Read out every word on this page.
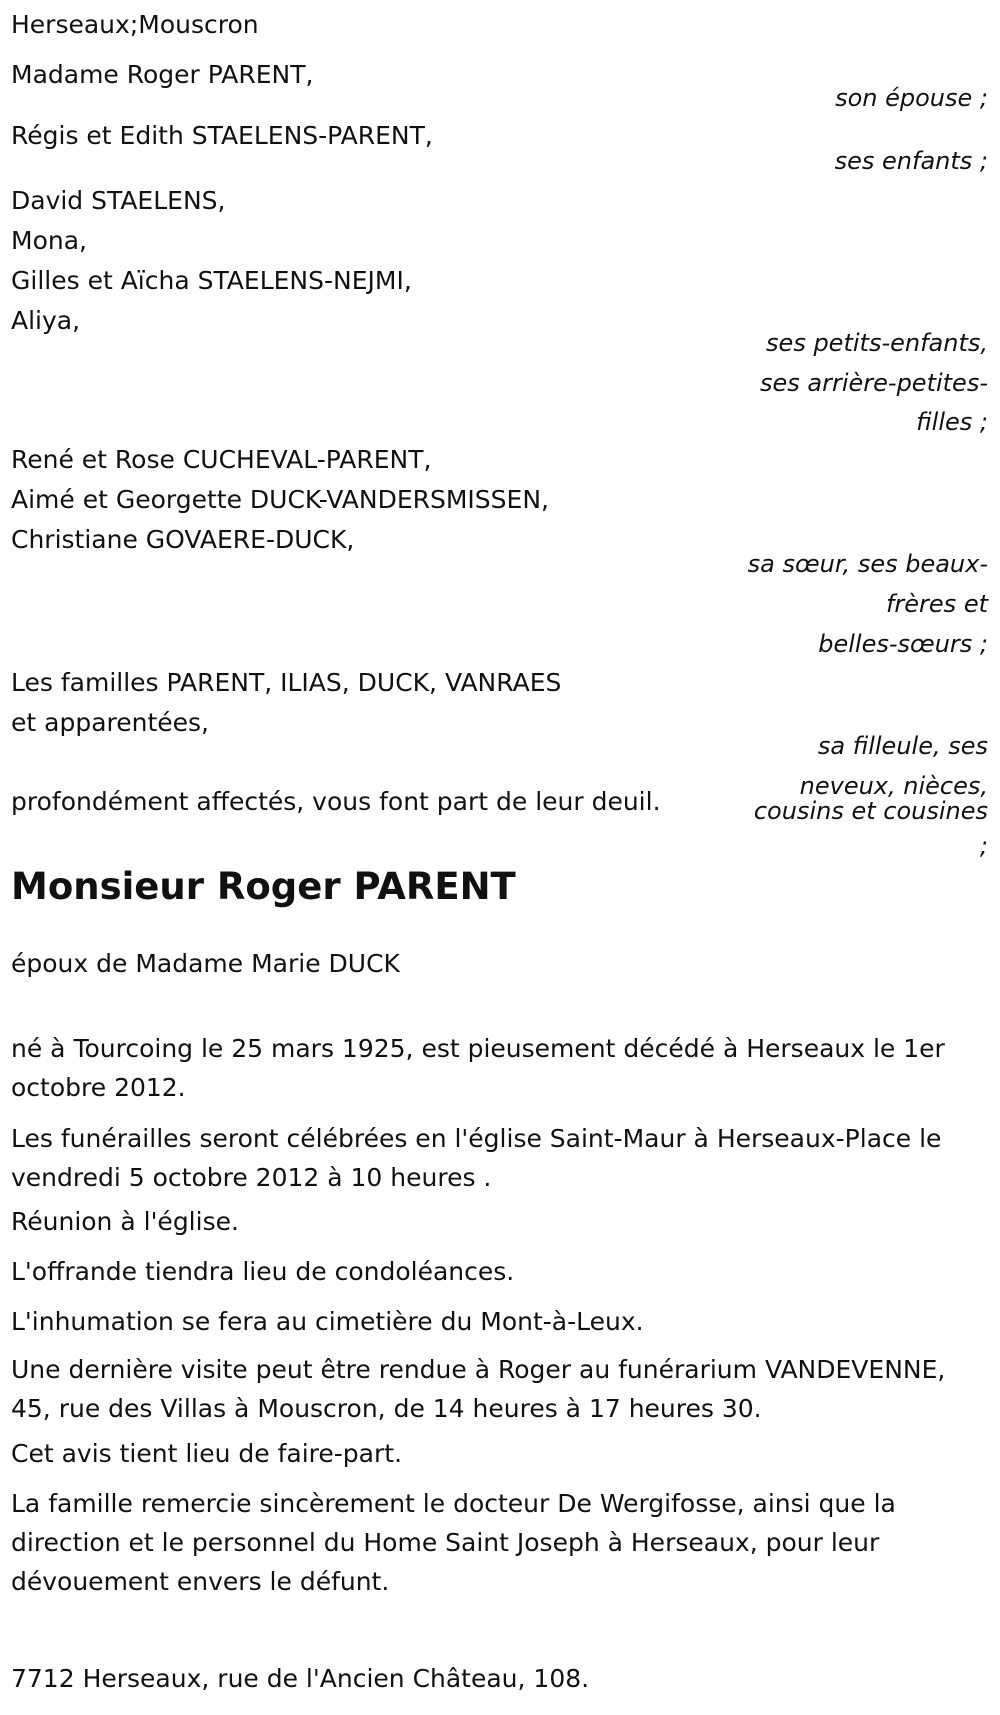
Herseaux;Mouscron
Madame Roger PARENT,
son épouse ;
Régis et Edith STAELENS-PARENT,
ses enfants ;
David STAELENS,
Mona,
Gilles et Aïcha STAELENS-NEJMI,
Aliya,
ses petits-enfants,
ses arrière-petites-
filles ;
René et Rose CUCHEVAL-PARENT,
Aimé et Georgette DUCK-VANDERSMISSEN,
Christiane GOVAERE-DUCK,
sa sœur, ses beaux-
frères et
belles-sœurs ;
Les familles PARENT, ILIAS, DUCK, VANRAES
et apparentées,
sa filleule, ses
neveux, nièces,
cousins et cousines
;
profondément affectés, vous font part de leur deuil.
Monsieur Roger PARENT
époux de Madame Marie DUCK
né à Tourcoing le 25 mars 1925, est pieusement décédé à Herseaux le 1er octobre 2012.
Les funérailles seront célébrées en l'église Saint-Maur à Herseaux-Place le vendredi 5 octobre 2012 à 10 heures .
Réunion à l'église.
L'offrande tiendra lieu de condoléances.
L'inhumation se fera au cimetière du Mont-à-Leux.
Une dernière visite peut être rendue à Roger au funérarium VANDEVENNE, 45, rue des Villas à Mouscron, de 14 heures à 17 heures 30.
Cet avis tient lieu de faire-part.
La famille remercie sincèrement le docteur De Wergifosse, ainsi que la direction et le personnel du Home Saint Joseph à Herseaux, pour leur dévouement envers le défunt.
7712 Herseaux, rue de l'Ancien Château, 108.
